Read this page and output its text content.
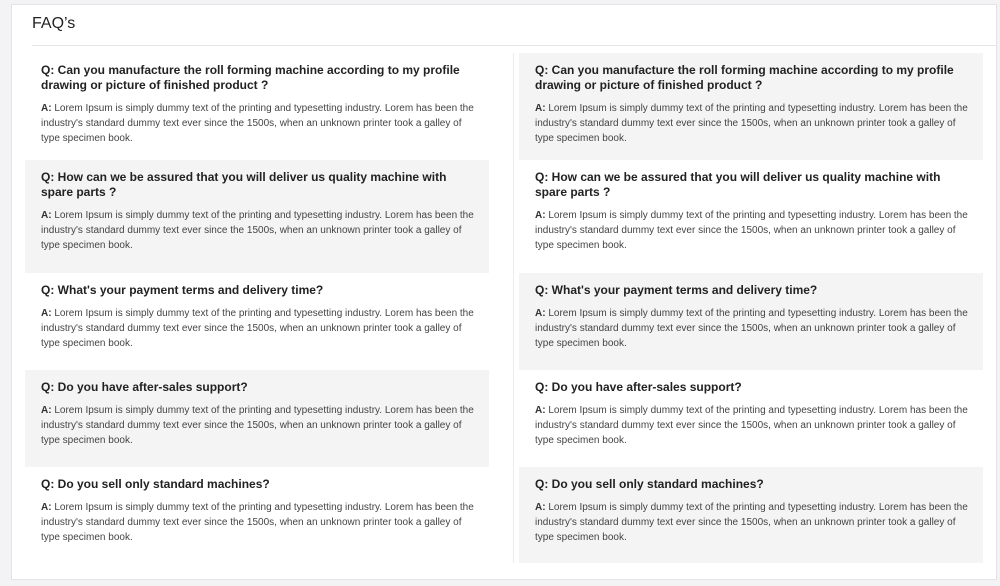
FAQ’s

Q: Can you manufacture the roll forming machine according to my profile drawing or picture of finished product ?

A: Lorem Ipsum is simply dummy text of the printing and typesetting industry. Lorem has been the industry's standard dummy text ever since the 1500s, when an unknown printer took a galley of type specimen book.

Q: How can we be assured that you will deliver us quality machine with spare parts ?

A: Lorem Ipsum is simply dummy text of the printing and typesetting industry. Lorem has been the industry's standard dummy text ever since the 1500s, when an unknown printer took a galley of type specimen book.

Q: What's your payment terms and delivery time?

A: Lorem Ipsum is simply dummy text of the printing and typesetting industry. Lorem has been the industry's standard dummy text ever since the 1500s, when an unknown printer took a galley of type specimen book.

Q: Do you have after-sales support?

A: Lorem Ipsum is simply dummy text of the printing and typesetting industry. Lorem has been the industry's standard dummy text ever since the 1500s, when an unknown printer took a galley of type specimen book.

Q: Do you sell only standard machines?

A: Lorem Ipsum is simply dummy text of the printing and typesetting industry. Lorem has been the industry's standard dummy text ever since the 1500s, when an unknown printer took a galley of type specimen book.

Q: Can you manufacture the roll forming machine according to my profile drawing or picture of finished product ?

A: Lorem Ipsum is simply dummy text of the printing and typesetting industry. Lorem has been the industry's standard dummy text ever since the 1500s, when an unknown printer took a galley of type specimen book.

Q: How can we be assured that you will deliver us quality machine with spare parts ?

A: Lorem Ipsum is simply dummy text of the printing and typesetting industry. Lorem has been the industry's standard dummy text ever since the 1500s, when an unknown printer took a galley of type specimen book.

Q: What's your payment terms and delivery time?

A: Lorem Ipsum is simply dummy text of the printing and typesetting industry. Lorem has been the industry's standard dummy text ever since the 1500s, when an unknown printer took a galley of type specimen book.

Q: Do you have after-sales support?

A: Lorem Ipsum is simply dummy text of the printing and typesetting industry. Lorem has been the industry's standard dummy text ever since the 1500s, when an unknown printer took a galley of type specimen book.

Q: Do you sell only standard machines?

A: Lorem Ipsum is simply dummy text of the printing and typesetting industry. Lorem has been the industry's standard dummy text ever since the 1500s, when an unknown printer took a galley of type specimen book.
